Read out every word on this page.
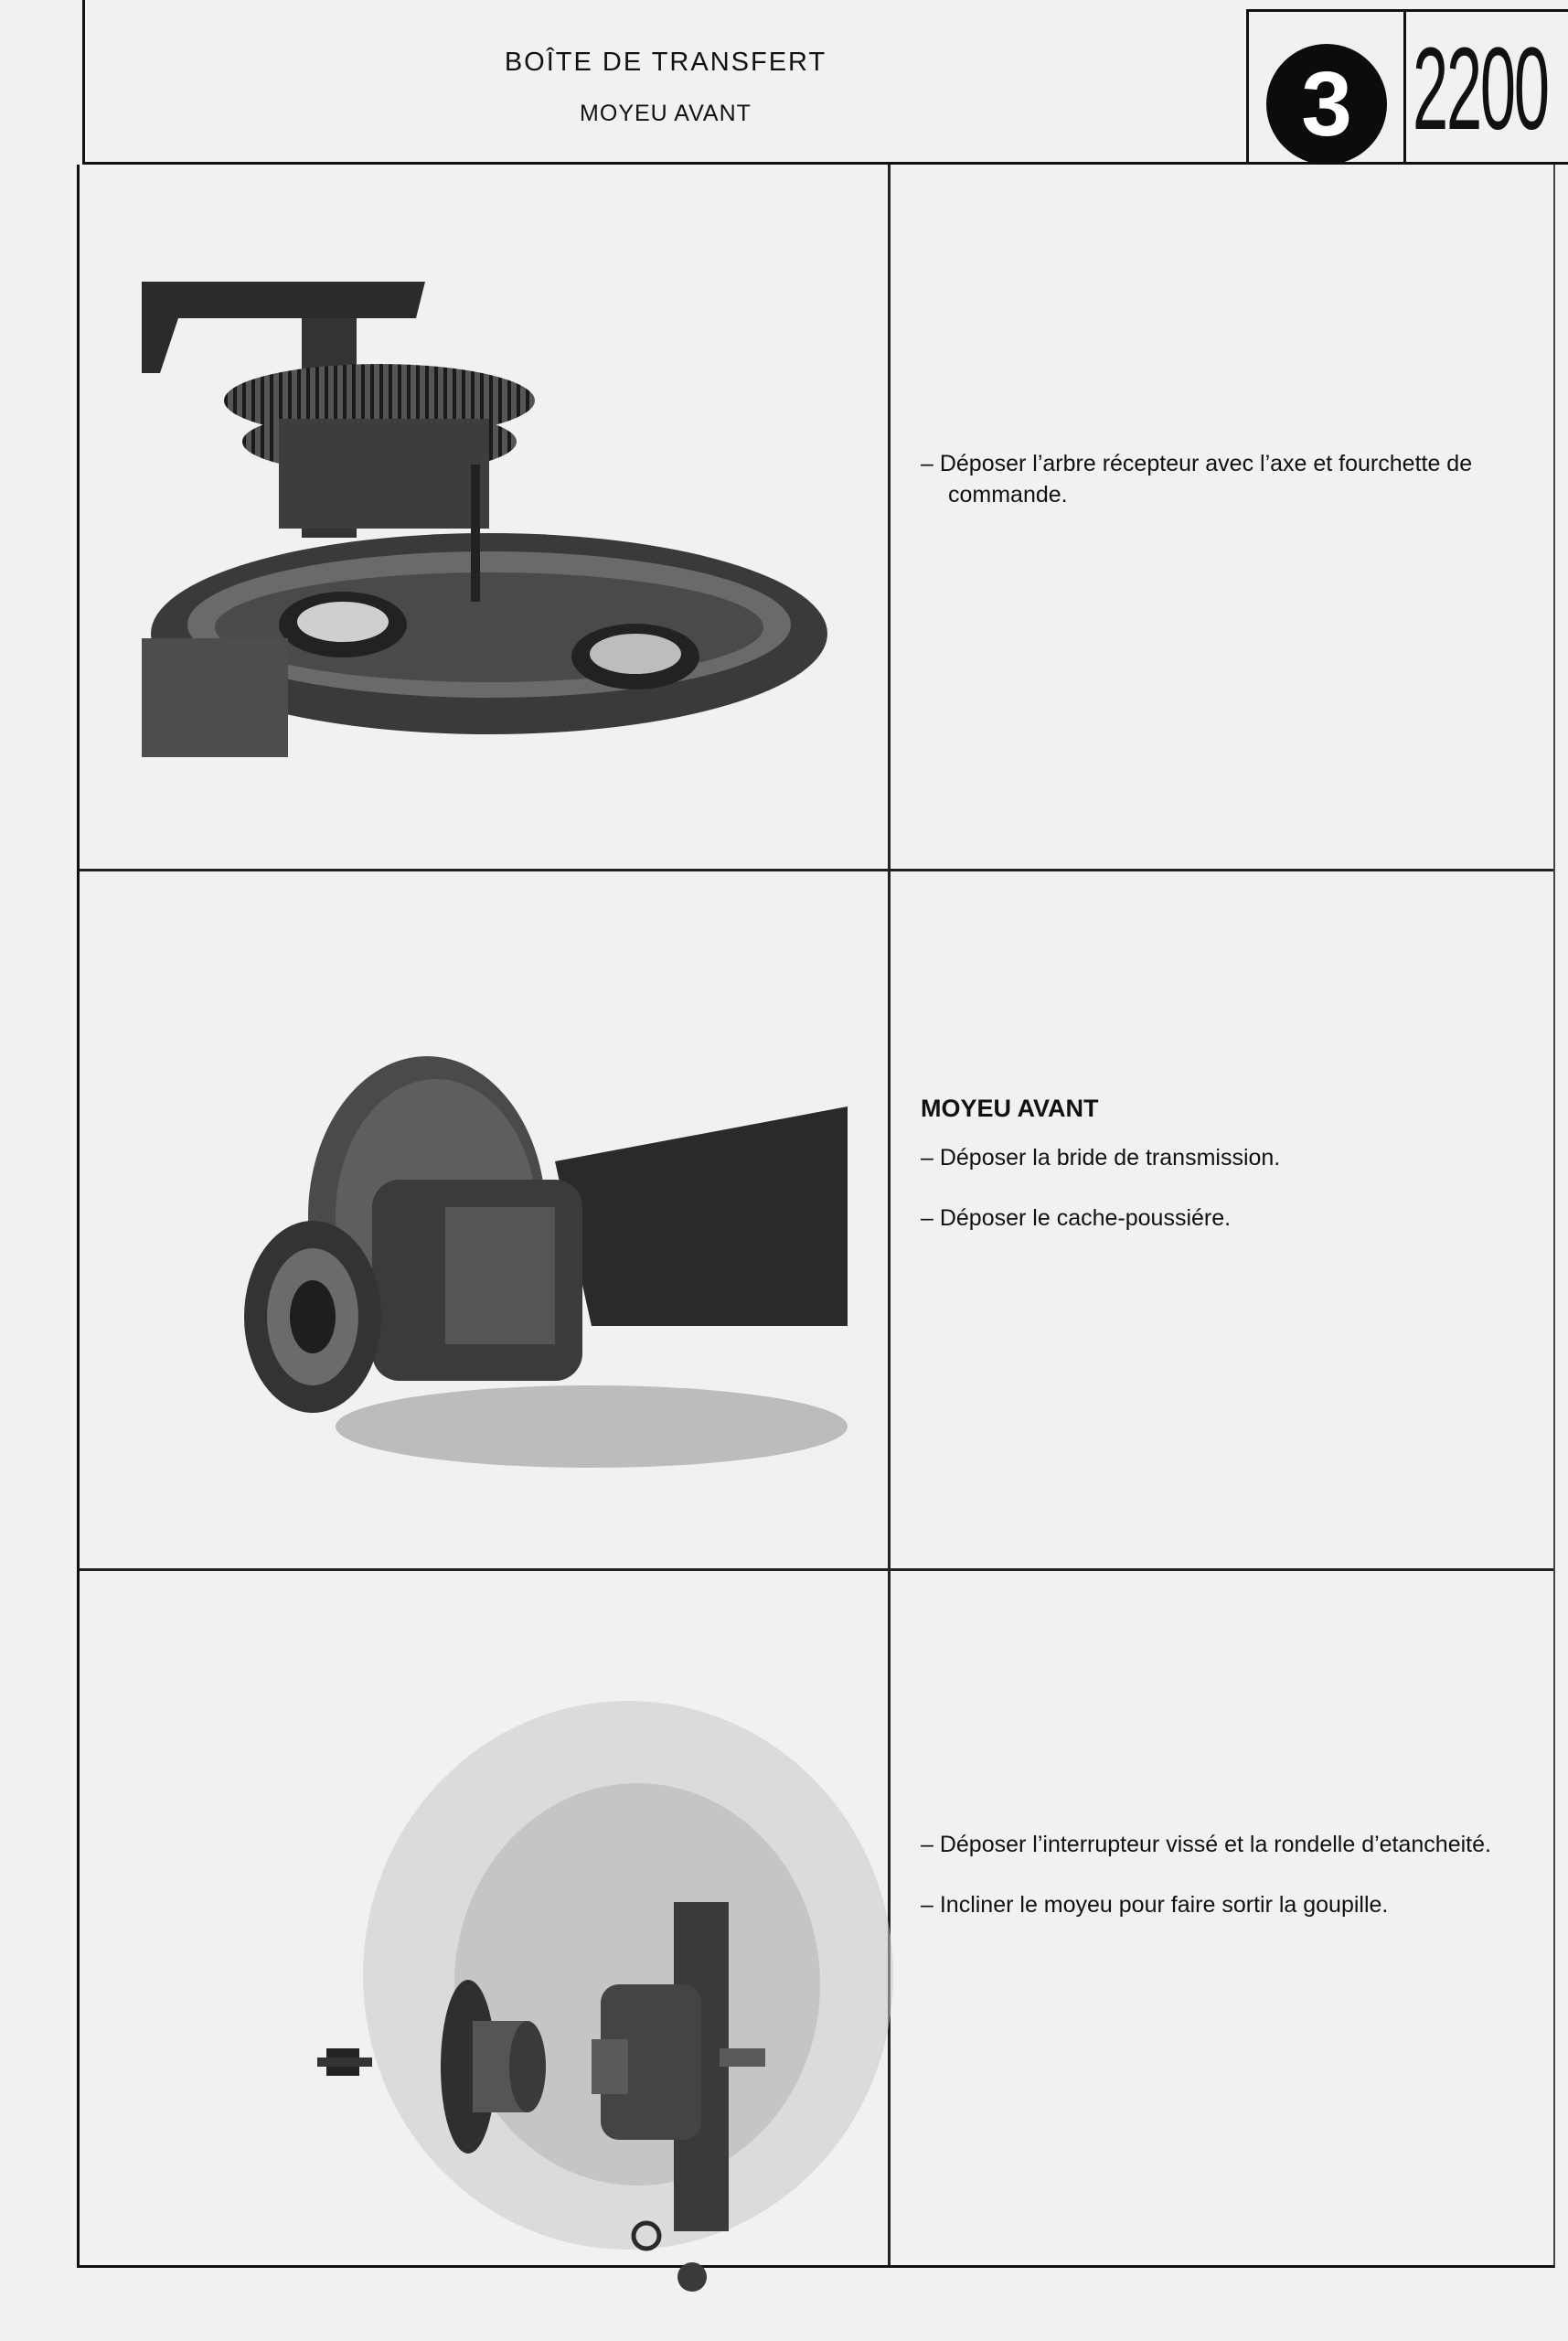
BOÎTE DE TRANSFERT
MOYEU AVANT	3 2200

– Déposer l’arbre récepteur avec l’axe et fourchette de commande.

MOYEU AVANT

– Déposer la bride de transmission.

– Déposer le cache-poussiére.

– Déposer l’interrupteur vissé et la rondelle d’etancheité.

– Incliner le moyeu pour faire sortir la goupille.
